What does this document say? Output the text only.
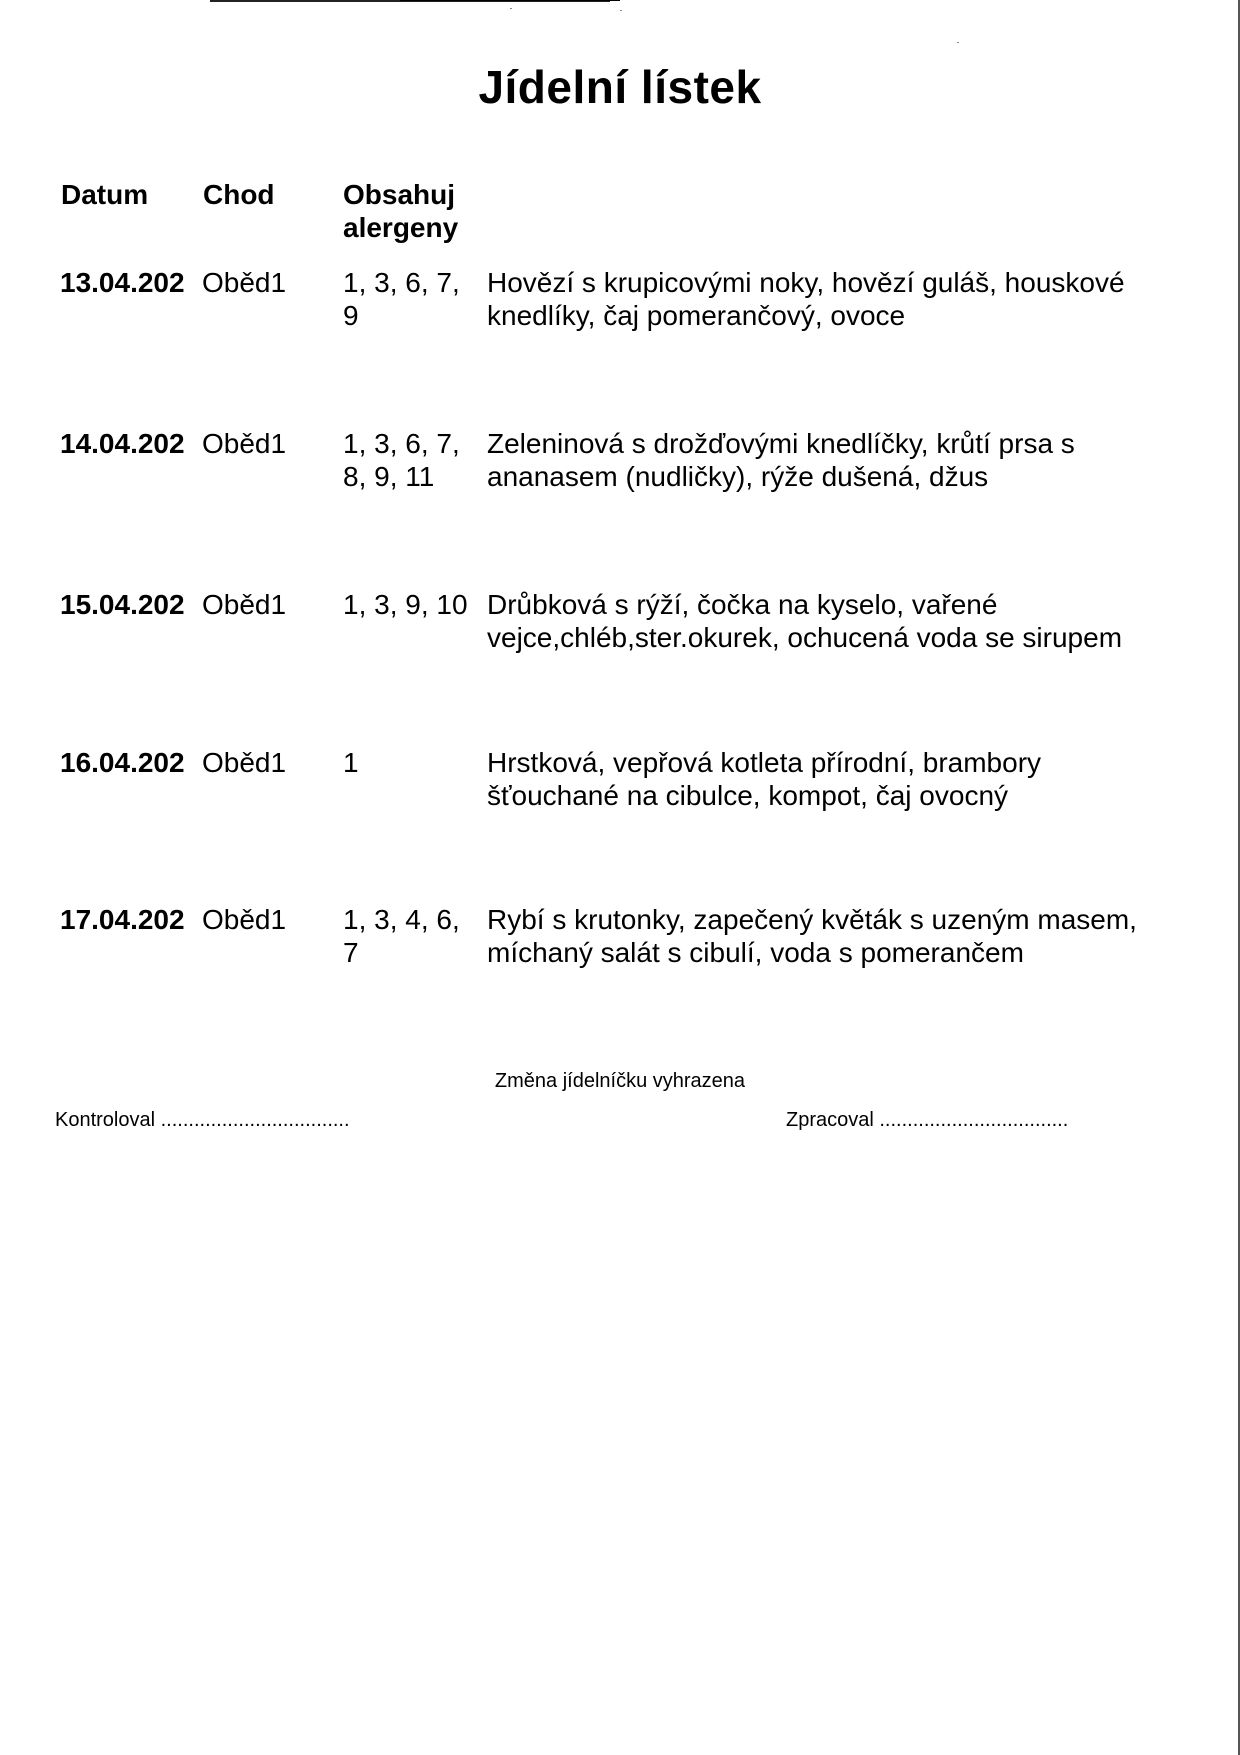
Jídelní lístek
Datum Chod Obsahuj alergeny
13.04.202 Oběd1 1, 3, 6, 7, 9
Hovězí s krupicovými noky, hovězí guláš, houskové knedlíky, čaj pomerančový, ovoce
14.04.202 Oběd1 1, 3, 6, 7, 8, 9, 11
Zeleninová s drožďovými knedlíčky, krůtí prsa s ananasem (nudličky), rýže dušená, džus
15.04.202 Oběd1 1, 3, 9, 10 Drůbková s rýží, čočka na kyselo, vařené vejce,chléb,ster.okurek, ochucená voda se sirupem
16.04.202 Oběd1 1	Hrstková, vepřová kotleta přírodní, brambory šťouchané na cibulce, kompot, čaj ovocný
17.04.202 Oběd1 1, 3, 4, 6, 7
Rybí s krutonky, zapečený květák s uzeným masem, míchaný salát s cibulí, voda s pomerančem
Změna jídelníčku vyhrazena
Kontroloval ..................................	Zpracoval ..................................
